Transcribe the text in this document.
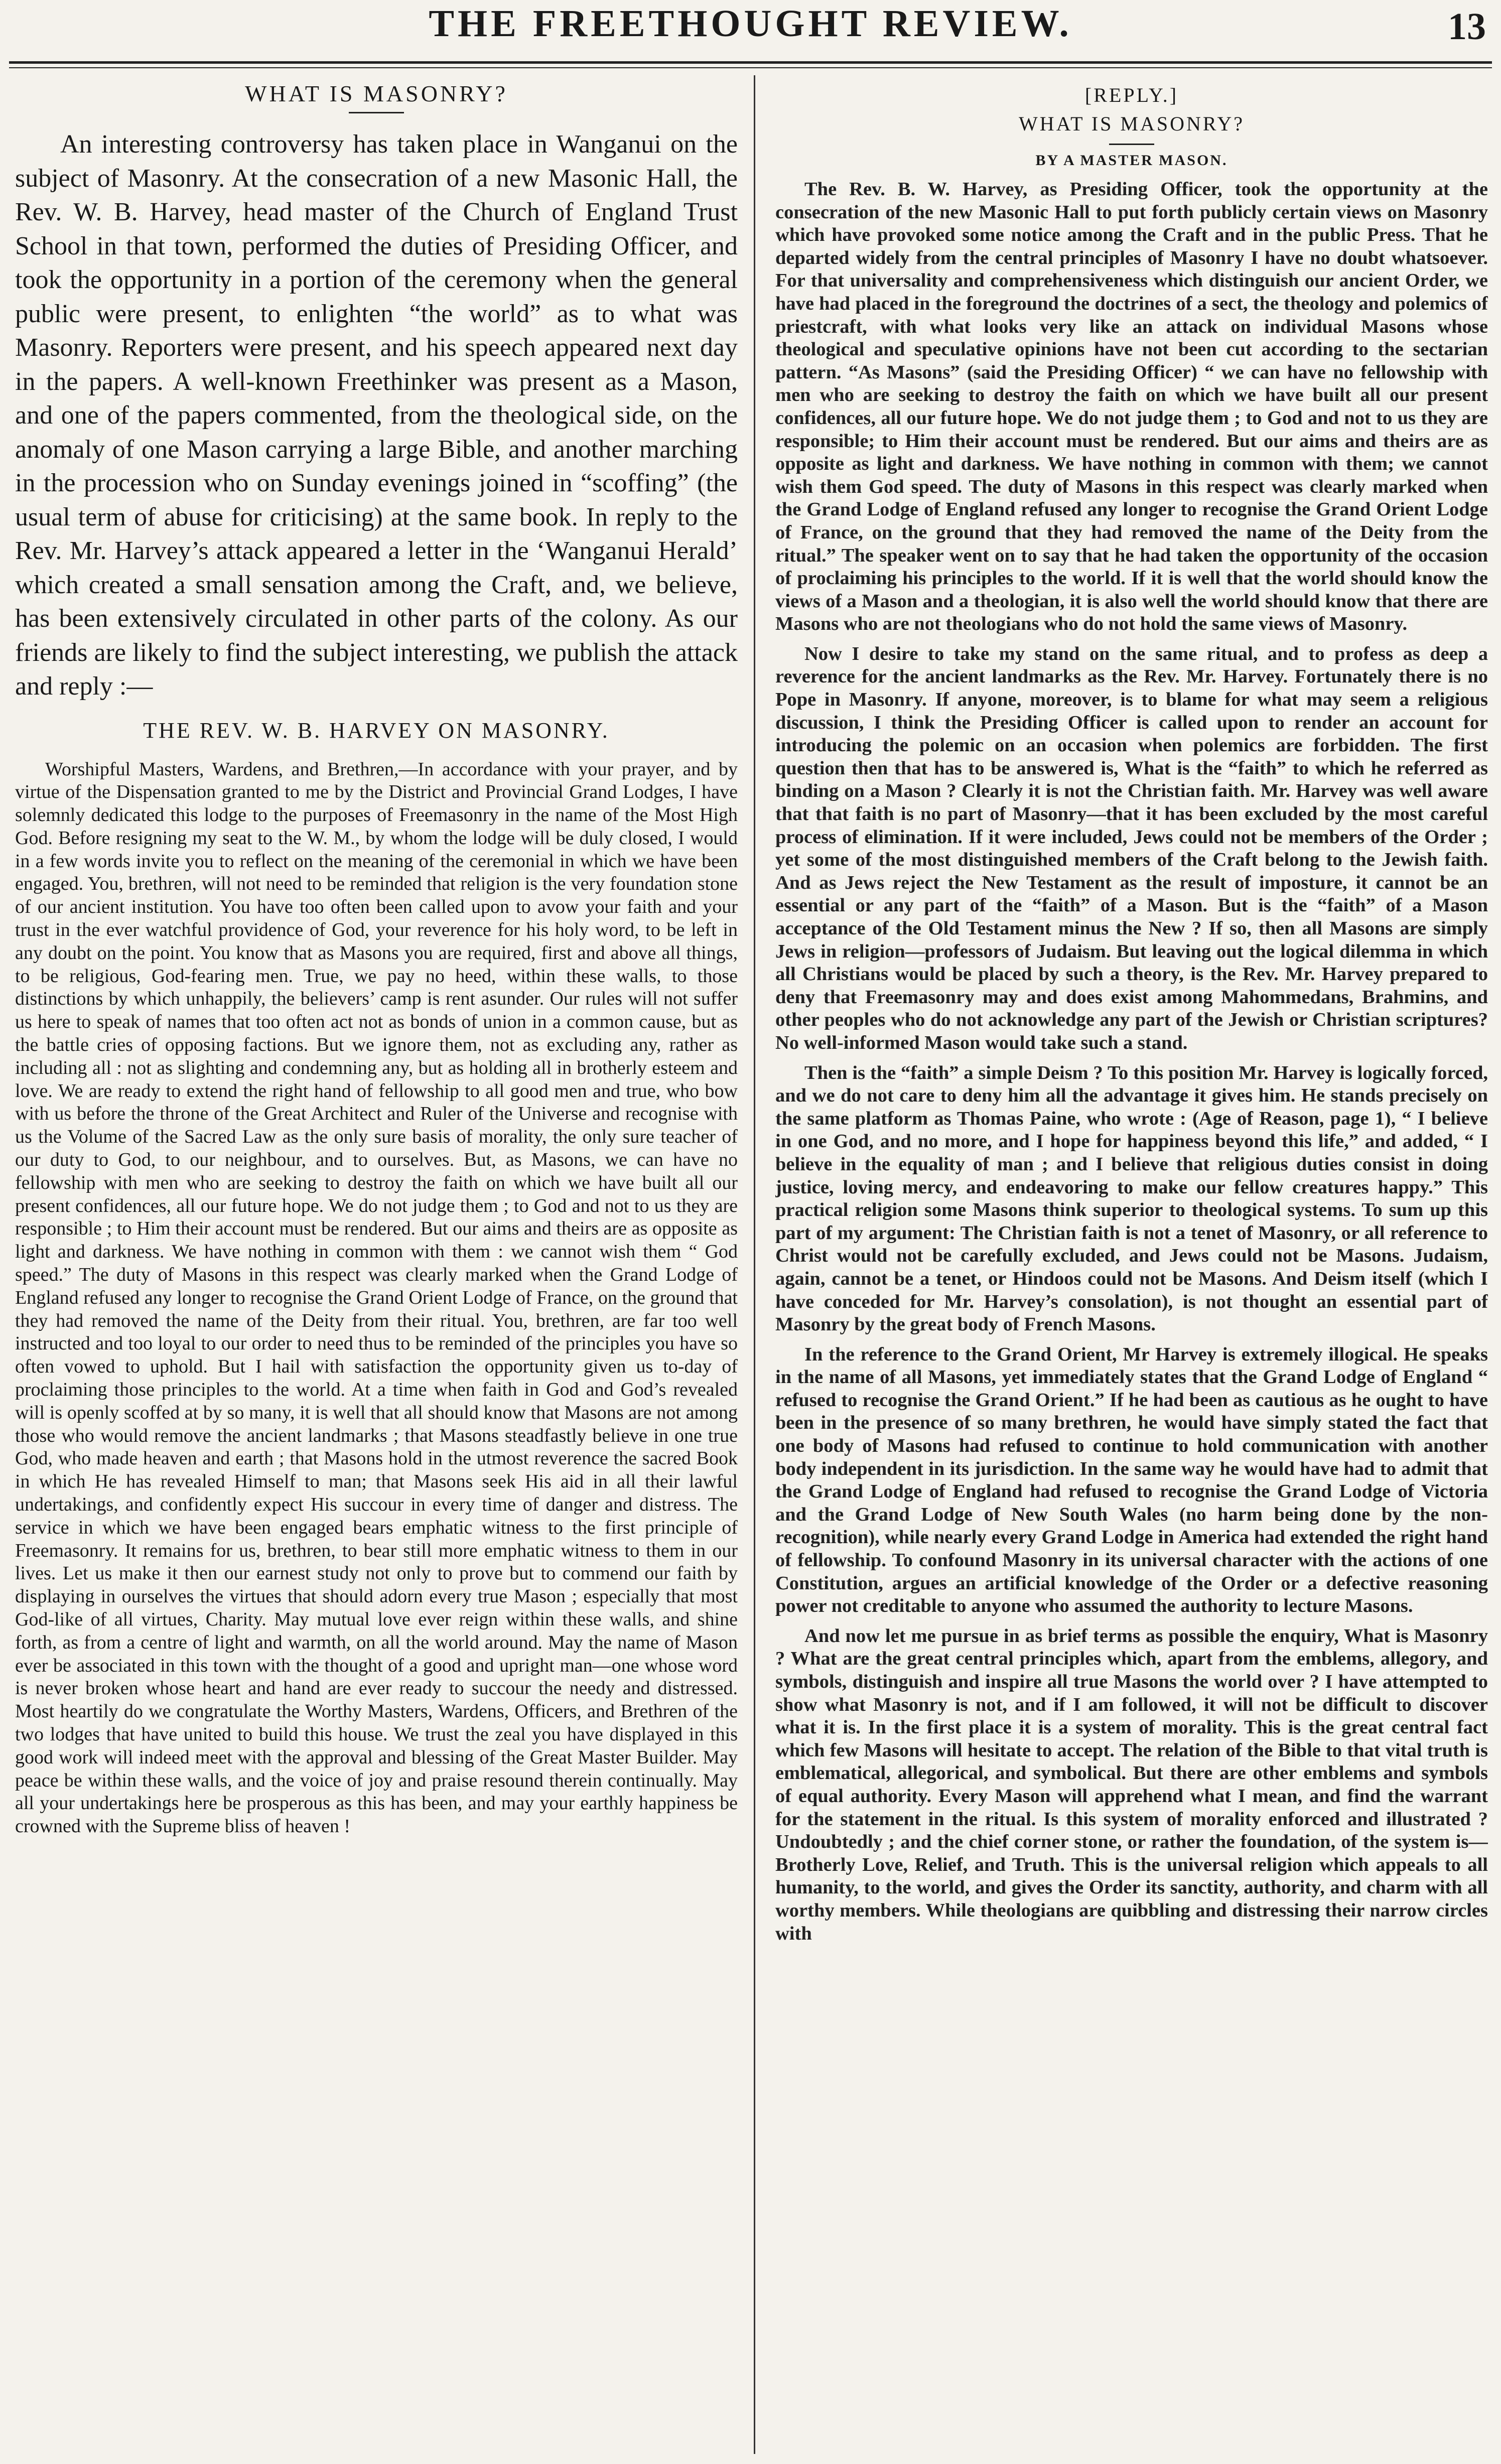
THE FREETHOUGHT REVIEW.	13
WHAT IS MASONRY?

An interesting controversy has taken place in Wanganui on the subject of Masonry. At the consecration of a new Masonic Hall, the Rev. W. B. Harvey, head master of the Church of England Trust School in that town, performed the duties of Presiding Officer, and took the opportunity in a portion of the ceremony when the general public were present, to enlighten “the world” as to what was Masonry. Reporters were present, and his speech appeared next day in the papers. A well-known Freethinker was present as a Mason, and one of the papers commented, from the theological side, on the anomaly of one Mason carrying a large Bible, and another marching in the procession who on Sunday evenings joined in “scoffing” (the usual term of abuse for criticising) at the same book. In reply to the Rev. Mr. Harvey’s attack appeared a letter in the ‘Wanganui Herald’ which created a small sensation among the Craft, and, we believe, has been extensively circulated in other parts of the colony. As our friends are likely to find the subject interesting, we publish the attack and reply :—

THE REV. W. B. HARVEY ON MASONRY.

Worshipful Masters, Wardens, and Brethren,—In accordance with your prayer, and by virtue of the Dispensation granted to me by the District and Provincial Grand Lodges, I have solemnly dedicated this lodge to the purposes of Freemasonry in the name of the Most High God. Before resigning my seat to the W. M., by whom the lodge will be duly closed, I would in a few words invite you to reflect on the meaning of the ceremonial in which we have been engaged. You, brethren, will not need to be reminded that religion is the very foundation stone of our ancient institution. You have too often been called upon to avow your faith and your trust in the ever watchful providence of God, your reverence for his holy word, to be left in any doubt on the point. You know that as Masons you are required, first and above all things, to be religious, God-fearing men. True, we pay no heed, within these walls, to those distinctions by which unhappily, the believers’ camp is rent asunder. Our rules will not suffer us here to speak of names that too often act not as bonds of union in a common cause, but as the battle cries of opposing factions. But we ignore them, not as excluding any, rather as including all : not as slighting and condemning any, but as holding all in brotherly esteem and love. We are ready to extend the right hand of fellowship to all good men and true, who bow with us before the throne of the Great Architect and Ruler of the Universe and recognise with us the Volume of the Sacred Law as the only sure basis of morality, the only sure teacher of our duty to God, to our neighbour, and to ourselves. But, as Masons, we can have no fellowship with men who are seeking to destroy the faith on which we have built all our present confidences, all our future hope. We do not judge them ; to God and not to us they are responsible ; to Him their account must be rendered. But our aims and theirs are as opposite as light and darkness. We have nothing in common with them : we cannot wish them “ God speed.” The duty of Masons in this respect was clearly marked when the Grand Lodge of England refused any longer to recognise the Grand Orient Lodge of France, on the ground that they had removed the name of the Deity from their ritual. You, brethren, are far too well instructed and too loyal to our order to need thus to be reminded of the principles you have so often vowed to uphold. But I hail with satisfaction the opportunity given us to-day of proclaiming those principles to the world. At a time when faith in God and God’s revealed will is openly scoffed at by so many, it is well that all should know that Masons are not among those who would remove the ancient landmarks ; that Masons steadfastly believe in one true God, who made heaven and earth ; that Masons hold in the utmost reverence the sacred Book in which He has revealed Himself to man; that Masons seek His aid in all their lawful undertakings, and confidently expect His succour in every time of danger and distress. The service in which we have been engaged bears emphatic witness to the first principle of Freemasonry. It remains for us, brethren, to bear still more emphatic witness to them in our lives. Let us make it then our earnest study not only to prove but to commend our faith by displaying in ourselves the virtues that should adorn every true Mason ; especially that most God-like of all virtues, Charity. May mutual love ever reign within these walls, and shine forth, as from a centre of light and warmth, on all the world around. May the name of Mason ever be associated in this town with the thought of a good and upright man—one whose word is never broken whose heart and hand are ever ready to succour the needy and distressed. Most heartily do we congratulate the Worthy Masters, Wardens, Officers, and Brethren of the two lodges that have united to build this house. We trust the zeal you have displayed in this good work will indeed meet with the approval and blessing of the Great Master Builder. May peace be within these walls, and the voice of joy and praise resound therein continually. May all your undertakings here be prosperous as this has been, and may your earthly happiness be crowned with the Supreme bliss of heaven !

[REPLY.]
WHAT IS MASONRY?
BY A MASTER MASON.

The Rev. B. W. Harvey, as Presiding Officer, took the opportunity at the consecration of the new Masonic Hall to put forth publicly certain views on Masonry which have provoked some notice among the Craft and in the public Press. That he departed widely from the central principles of Masonry I have no doubt whatsoever. For that universality and comprehensiveness which distinguish our ancient Order, we have had placed in the foreground the doctrines of a sect, the theology and polemics of priestcraft, with what looks very like an attack on individual Masons whose theological and speculative opinions have not been cut according to the sectarian pattern. “As Masons” (said the Presiding Officer) “ we can have no fellowship with men who are seeking to destroy the faith on which we have built all our present confidences, all our future hope. We do not judge them ; to God and not to us they are responsible; to Him their account must be rendered. But our aims and theirs are as opposite as light and darkness. We have nothing in common with them; we cannot wish them God speed. The duty of Masons in this respect was clearly marked when the Grand Lodge of England refused any longer to recognise the Grand Orient Lodge of France, on the ground that they had removed the name of the Deity from the ritual.” The speaker went on to say that he had taken the opportunity of the occasion of proclaiming his principles to the world. If it is well that the world should know the views of a Mason and a theologian, it is also well the world should know that there are Masons who are not theologians who do not hold the same views of Masonry.

Now I desire to take my stand on the same ritual, and to profess as deep a reverence for the ancient landmarks as the Rev. Mr. Harvey. Fortunately there is no Pope in Masonry. If anyone, moreover, is to blame for what may seem a religious discussion, I think the Presiding Officer is called upon to render an account for introducing the polemic on an occasion when polemics are forbidden. The first question then that has to be answered is, What is the “faith” to which he referred as binding on a Mason ? Clearly it is not the Christian faith. Mr. Harvey was well aware that that faith is no part of Masonry—that it has been excluded by the most careful process of elimination. If it were included, Jews could not be members of the Order ; yet some of the most distinguished members of the Craft belong to the Jewish faith. And as Jews reject the New Testament as the result of imposture, it cannot be an essential or any part of the “faith” of a Mason. But is the “faith” of a Mason acceptance of the Old Testament minus the New ? If so, then all Masons are simply Jews in religion—professors of Judaism. But leaving out the logical dilemma in which all Christians would be placed by such a theory, is the Rev. Mr. Harvey prepared to deny that Freemasonry may and does exist among Mahommedans, Brahmins, and other peoples who do not acknowledge any part of the Jewish or Christian scriptures? No well-informed Mason would take such a stand.

Then is the “faith” a simple Deism ? To this position Mr. Harvey is logically forced, and we do not care to deny him all the advantage it gives him. He stands precisely on the same platform as Thomas Paine, who wrote : (Age of Reason, page 1), “ I believe in one God, and no more, and I hope for happiness beyond this life,” and added, “ I believe in the equality of man ; and I believe that religious duties consist in doing justice, loving mercy, and endeavoring to make our fellow creatures happy.” This practical religion some Masons think superior to theological systems. To sum up this part of my argument: The Christian faith is not a tenet of Masonry, or all reference to Christ would not be carefully excluded, and Jews could not be Masons. Judaism, again, cannot be a tenet, or Hindoos could not be Masons. And Deism itself (which I have conceded for Mr. Harvey’s consolation), is not thought an essential part of Masonry by the great body of French Masons.

In the reference to the Grand Orient, Mr Harvey is extremely illogical. He speaks in the name of all Masons, yet immediately states that the Grand Lodge of England “ refused to recognise the Grand Orient.” If he had been as cautious as he ought to have been in the presence of so many brethren, he would have simply stated the fact that one body of Masons had refused to continue to hold communication with another body independent in its jurisdiction. In the same way he would have had to admit that the Grand Lodge of England had refused to recognise the Grand Lodge of Victoria and the Grand Lodge of New South Wales (no harm being done by the non-recognition), while nearly every Grand Lodge in America had extended the right hand of fellowship. To confound Masonry in its universal character with the actions of one Constitution, argues an artificial knowledge of the Order or a defective reasoning power not creditable to anyone who assumed the authority to lecture Masons.

And now let me pursue in as brief terms as possible the enquiry, What is Masonry ? What are the great central principles which, apart from the emblems, allegory, and symbols, distinguish and inspire all true Masons the world over ? I have attempted to show what Masonry is not, and if I am followed, it will not be difficult to discover what it is. In the first place it is a system of morality. This is the great central fact which few Masons will hesitate to accept. The relation of the Bible to that vital truth is emblematical, allegorical, and symbolical. But there are other emblems and symbols of equal authority. Every Mason will apprehend what I mean, and find the warrant for the statement in the ritual. Is this system of morality enforced and illustrated ? Undoubtedly ; and the chief corner stone, or rather the foundation, of the system is—Brotherly Love, Relief, and Truth. This is the universal religion which appeals to all humanity, to the world, and gives the Order its sanctity, authority, and charm with all worthy members. While theologians are quibbling and distressing their narrow circles with
